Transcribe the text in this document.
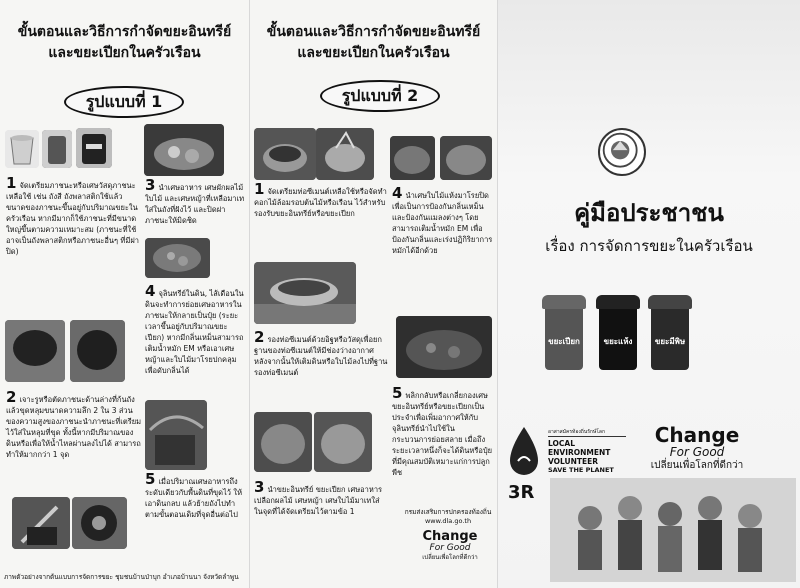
ขั้นตอนและวิธีการกำจัดขยะอินทรีย์
และขยะเปียกในครัวเรือน
รูปแบบที่ 1
1 จัดเตรียมภาชนะหรือเศษวัสดุภาชนะเหลือใช้ เช่น ถังสี ถังพลาสติกใช้แล้ว ขนาดของภาชนะขึ้นอยู่กับปริมาณขยะในครัวเรือน หากมีมากก็ใช้ภาชนะที่มีขนาดใหญ่ขึ้นตามความเหมาะสม (ภาชนะที่ใช้อาจเป็นถังพลาสติกหรือภาชนะอื่นๆ ที่มีฝาปิด)
3 นำเศษอาหาร เศษผักผลไม้ ใบไม้ และเศษหญ้าที่เหลือมาเทใส่ในถังที่ฝังไว้ และปิดฝาภาชนะให้มิดชิด
4 จุลินทรีย์ในดิน, ไส้เดือนในดินจะทำการย่อยเศษอาหารในภาชนะให้กลายเป็นปุ๋ย (ระยะเวลาขึ้นอยู่กับปริมาณขยะเปียก) หากมีกลิ่นเหม็นสามารถเติมน้ำหมัก EM หรือเอาเศษหญ้าและใบไม้มาโรยปกคลุมเพื่อดับกลิ่นได้
2 เจาะรูหรือตัดภาชนะด้านล่างที่ก้นถังแล้วขุดหลุมขนาดความลึก 2 ใน 3 ส่วนของความสูงของภาชนะนำภาชนะที่เตรียมไว้ใส่ในหลุมที่ขุด ทั้งนี้หากมีปริมาณของดินหรือเพื่อให้น้ำไหลผ่านลงไปได้ สามารถทำให้มากกว่า 1 จุด
5 เมื่อปริมาณเศษอาหารถึงระดับเดียวกับพื้นดินที่ขุดไว้ ให้เอาดินกลบ แล้วย้ายถังไปทำตามขั้นตอนเดิมที่จุดอื่นต่อไป
ภาพตัวอย่างจากต้นแบบการจัดการขยะ ชุมชนบ้านป่าบุก อำเภอบ้านนา จังหวัดลำพูน
ขั้นตอนและวิธีการกำจัดขยะอินทรีย์
และขยะเปียกในครัวเรือน
รูปแบบที่ 2
1 จัดเตรียมท่อซีเมนต์เหลือใช้หรือจัดทำคอกไม้ล้อมรอบต้นไม้หรือเรือน ไว้สำหรับรองรับขยะอินทรีย์หรือขยะเปียก
4 นำเศษใบไม้แห้งมาโรยปิด เพื่อเป็นการป้องกันกลิ่นเหม็นและป้องกันแมลงต่างๆ โดยสามารถเติมน้ำหมัก EM เพื่อป้องกันกลิ่นและเร่งปฏิกิริยาการหมักได้อีกด้วย
2 รองท่อซีเมนต์ด้วยอิฐหรือวัสดุเพื่อยกฐานของท่อซีเมนต์ให้มีช่องว่างอากาศ หลังจากนั้นให้เติมดินหรือใบไม้ลงไปที่ฐานรองท่อซีเมนต์
5 พลิกกลับหรือเกลี่ยกองเศษขยะอินทรีย์หรือขยะเปียกเป็นประจำเพื่อเพิ่มอากาศให้กับจุลินทรีย์นำไปใช้ในกระบวนการย่อยสลาย เมื่อถึงระยะเวลาหนึ่งก็จะได้ดินหรือปุ๋ยที่มีคุณสมบัติเหมาะแก่การปลูกพืช
3 นำขยะอินทรีย์ ขยะเปียก เศษอาหาร เปลือกผลไม้ เศษหญ้า เศษใบไม้มาเทใส่ในจุดที่ได้จัดเตรียมไว้ตามข้อ 1	กรมส่งเสริมการปกครองท้องถิ่น
www.dla.go.th
Change
For Good
เปลี่ยนเพื่อโลกที่ดีกว่า
คู่มือประชาชน
เรื่อง การจัดการขยะในครัวเรือน
ขยะเปียก	ขยะแห้ง	ขยะมีพิษ
อาสาสมัครท้องถิ่นรักษ์โลก
LOCAL
ENVIRONMENT
VOLUNTEER
SAVE THE PLANET
Change
For Good
เปลี่ยนเพื่อโลกที่ดีกว่า
3R
